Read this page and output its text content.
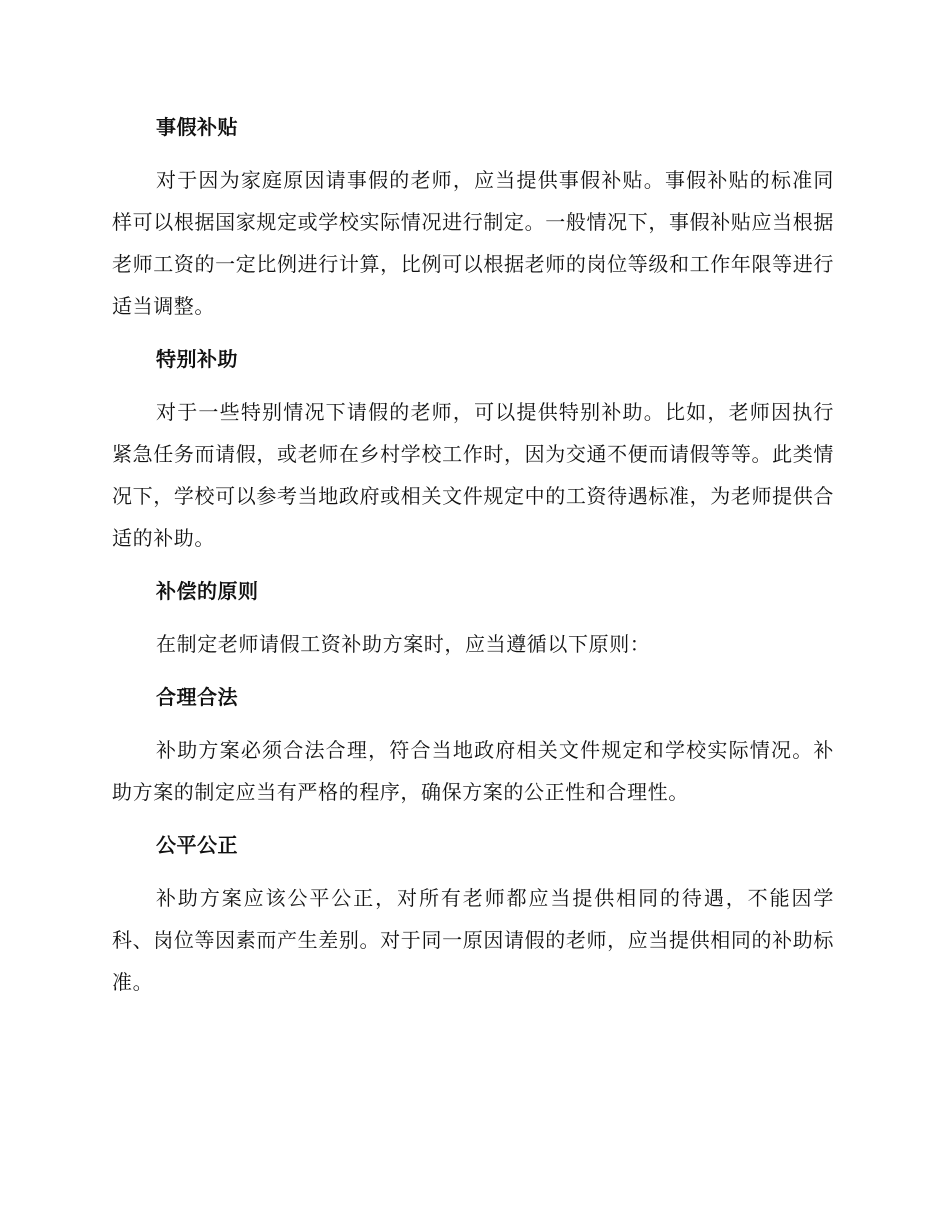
事假补贴

对于因为家庭原因请事假的老师，应当提供事假补贴。事假补贴的标准同样可以根据国家规定或学校实际情况进行制定。一般情况下，事假补贴应当根据老师工资的一定比例进行计算，比例可以根据老师的岗位等级和工作年限等进行适当调整。

特别补助

对于一些特别情况下请假的老师，可以提供特别补助。比如，老师因执行紧急任务而请假，或老师在乡村学校工作时，因为交通不便而请假等等。此类情况下，学校可以参考当地政府或相关文件规定中的工资待遇标准，为老师提供合适的补助。

补偿的原则

在制定老师请假工资补助方案时，应当遵循以下原则：

合理合法

补助方案必须合法合理，符合当地政府相关文件规定和学校实际情况。补助方案的制定应当有严格的程序，确保方案的公正性和合理性。

公平公正

补助方案应该公平公正，对所有老师都应当提供相同的待遇，不能因学科、岗位等因素而产生差别。对于同一原因请假的老师，应当提供相同的补助标准。
